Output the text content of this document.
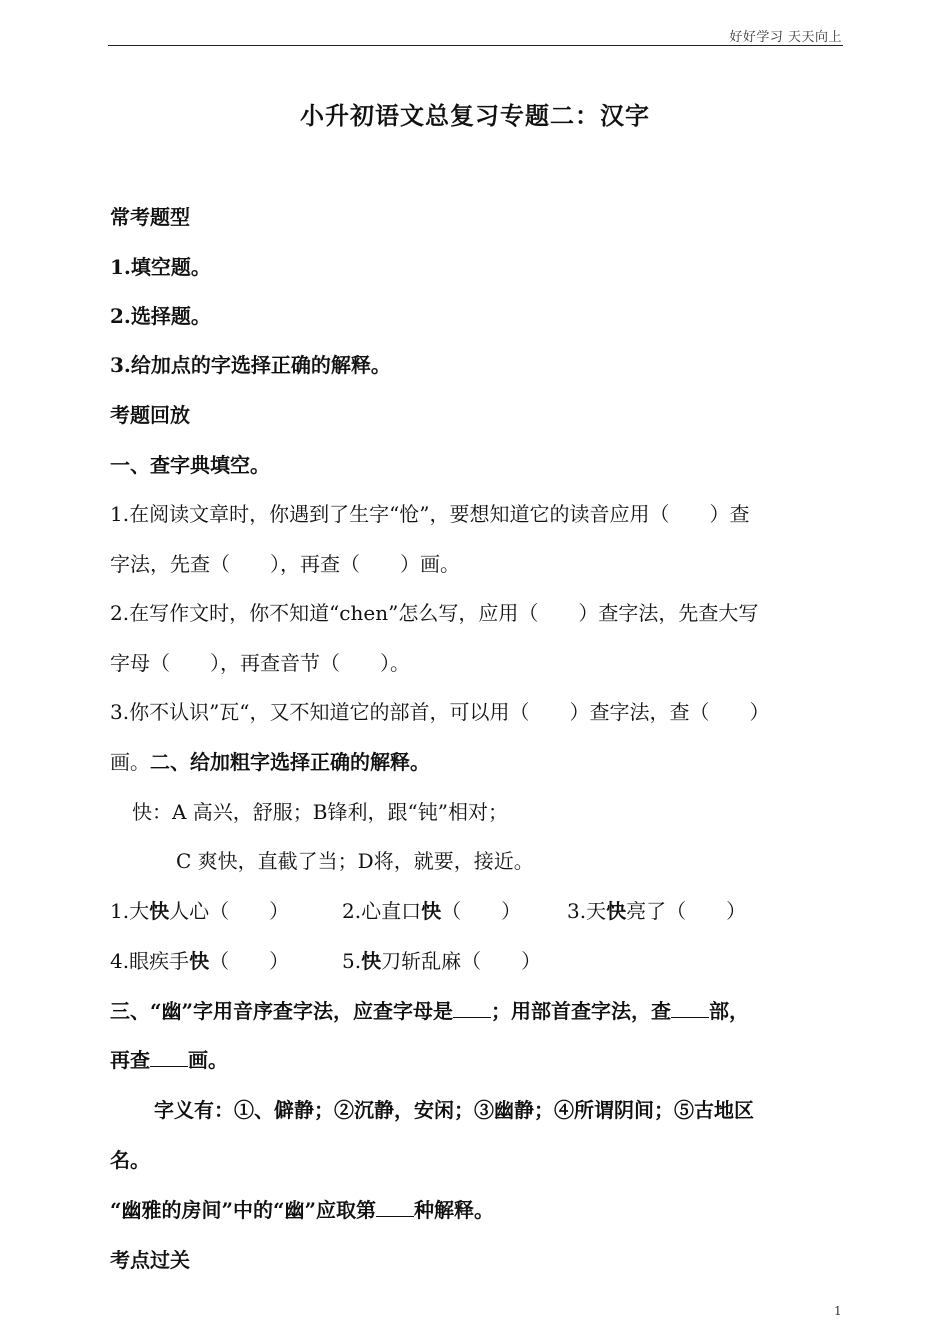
好好学习 天天向上
小升初语文总复习专题二：汉字
常考题型
1.填空题。
2.选择题。
3.给加点的字选择正确的解释。
考题回放
一、查字典填空。
1.在阅读文章时，你遇到了生字“怆”，要想知道它的读音应用（　　）查
字法，先查（　　），再查（　　）画。
2.在写作文时，你不知道“chen”怎么写，应用（　　）查字法，先查大写
字母（　　），再查音节（　　）。
3.你不认识”瓦“，又不知道它的部首，可以用（　　）查字法，查（　　）
画。二、给加粗字选择正确的解释。
快：A 高兴，舒服；B锋利，跟“钝”相对；
C 爽快，直截了当；D将，就要，接近。
1.大快人心（　　）	2.心直口快（　　） 3.天快亮了（　　）
4.眼疾手快（　　）	5.快刀斩乱麻（　　）
三、“幽”字用音序查字法，应查字母是 ；用部首查字法，查 部，
再查 画。
字义有：①、僻静；②沉静，安闲；③幽静；④所谓阴间；⑤古地区
名。
“幽雅的房间”中的“幽”应取第 种解释。
考点过关
1
